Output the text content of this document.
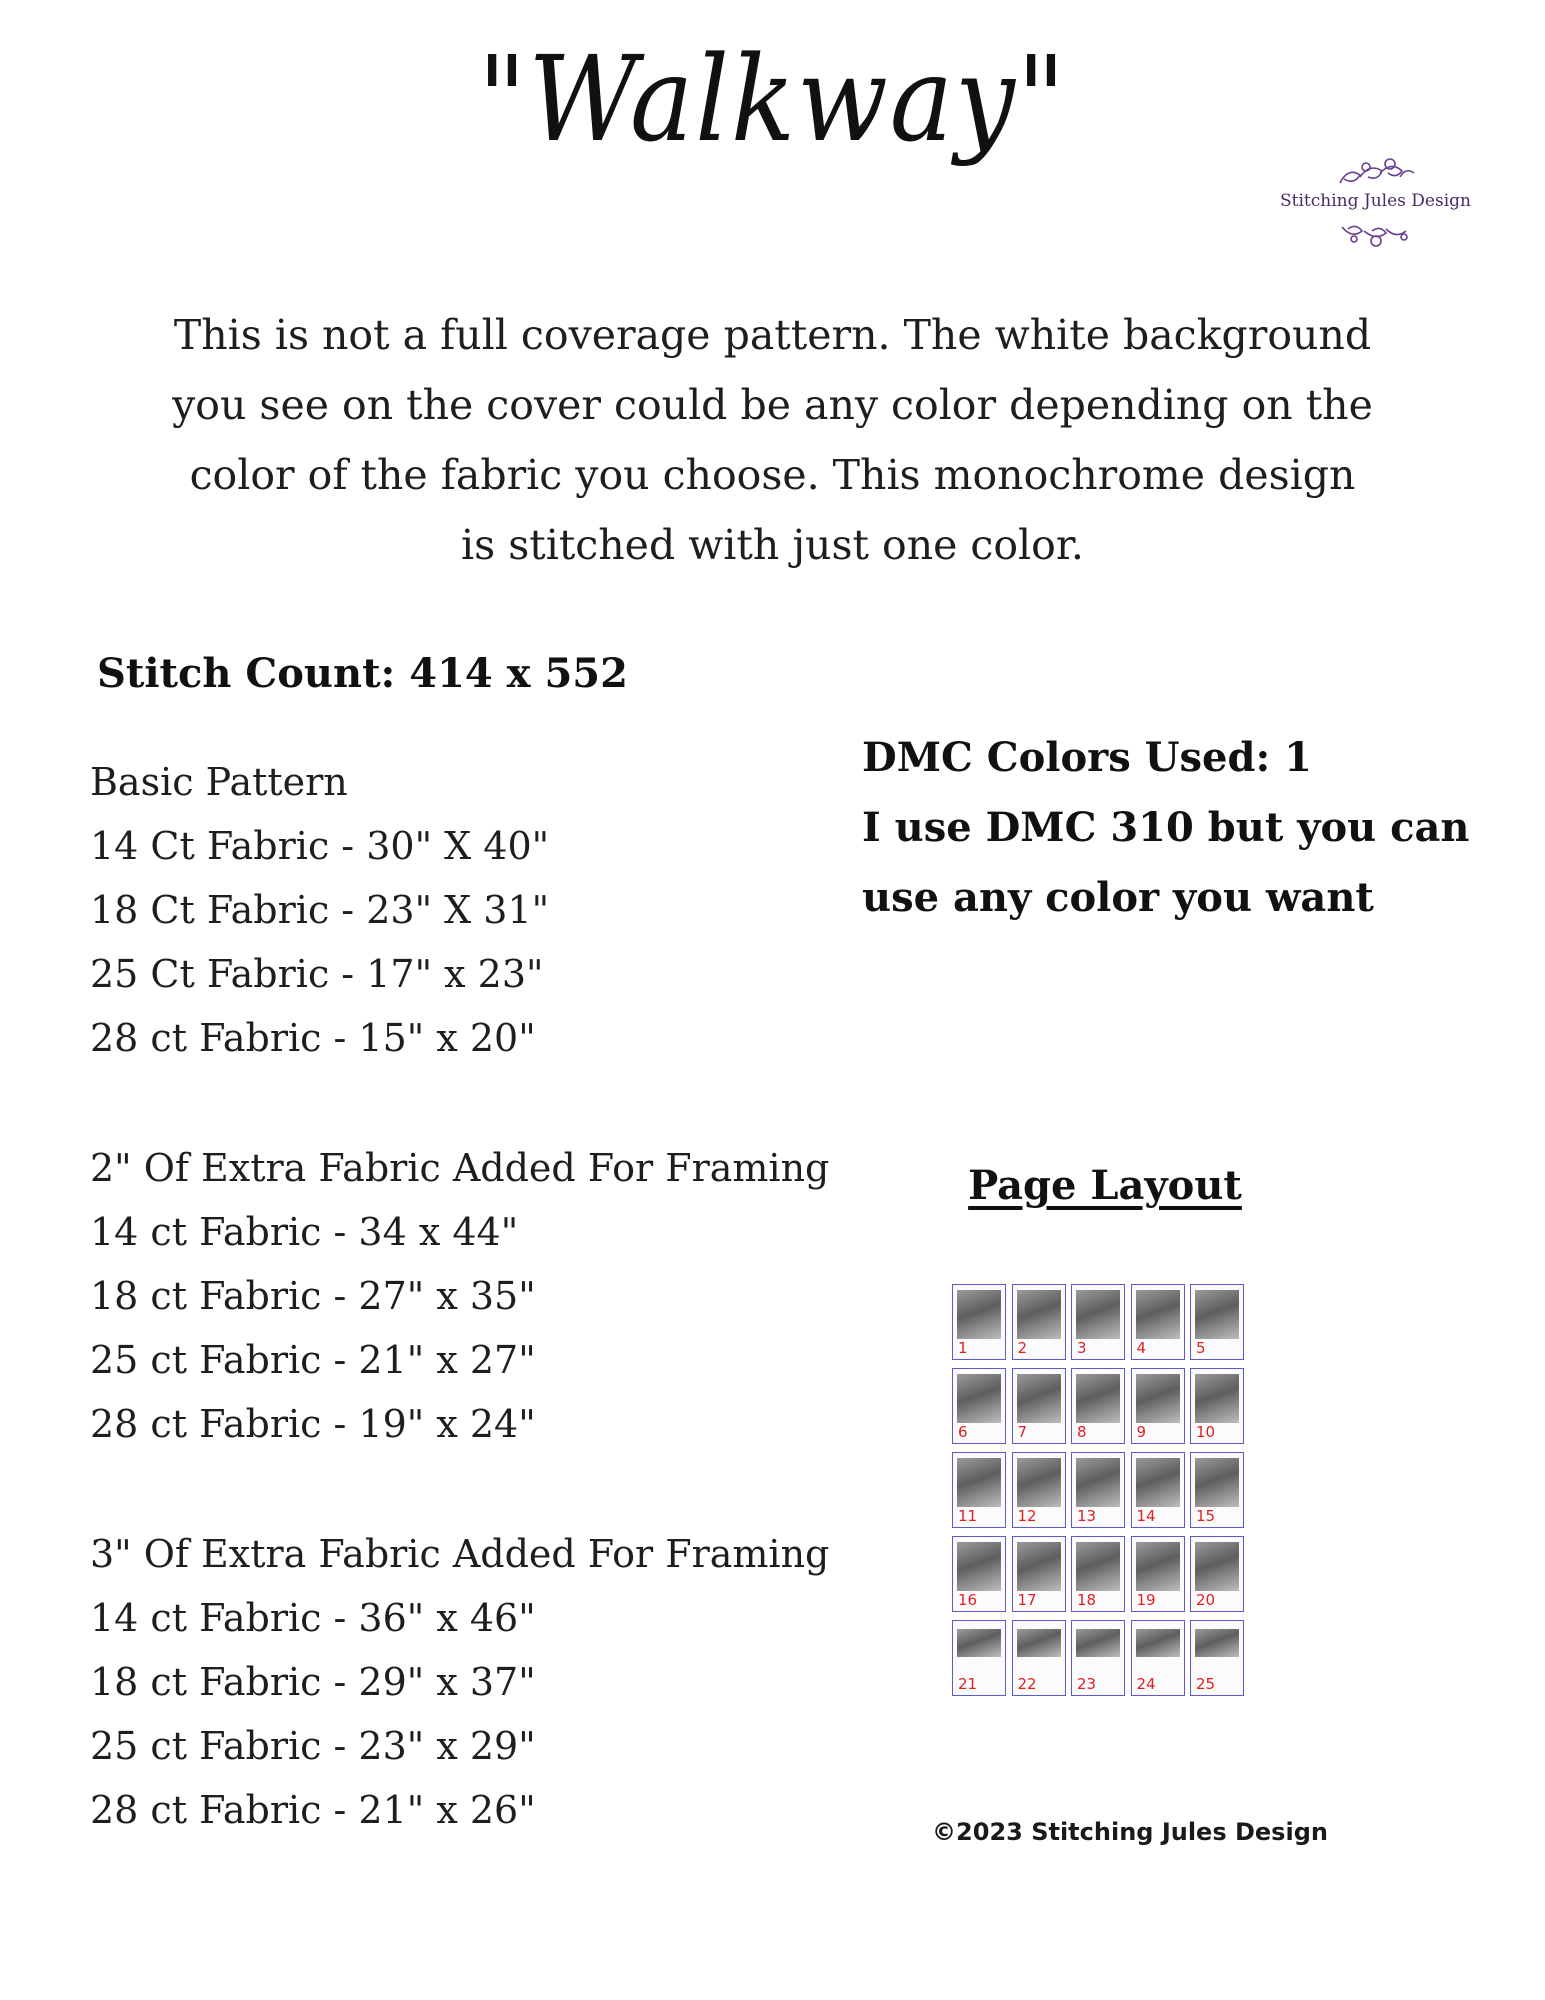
"Walkway"
Stitching Jules Design
This is not a full coverage pattern. The white background
you see on the cover could be any color depending on the
color of the fabric you choose. This monochrome design
is stitched with just one color.
Stitch Count: 414 x 552
Basic Pattern
14 Ct Fabric - 30" X 40"
18 Ct Fabric - 23" X 31"
25 Ct Fabric - 17" x 23"
28 ct Fabric - 15" x 20"
2" Of Extra Fabric Added For Framing
14 ct Fabric - 34 x 44"
18 ct Fabric - 27" x 35"
25 ct Fabric - 21" x 27"
28 ct Fabric - 19" x 24"
3" Of Extra Fabric Added For Framing
14 ct Fabric - 36" x 46"
18 ct Fabric - 29" x 37"
25 ct Fabric - 23" x 29"
28 ct Fabric - 21" x 26"
DMC Colors Used: 1
I use DMC 310 but you can
use any color you want
Page Layout
1	2	3	4	5
6	7	8	9	10
11	12	13	14	15
16	17	18	19	20
21	22	23	24	25
©2023 Stitching Jules Design
